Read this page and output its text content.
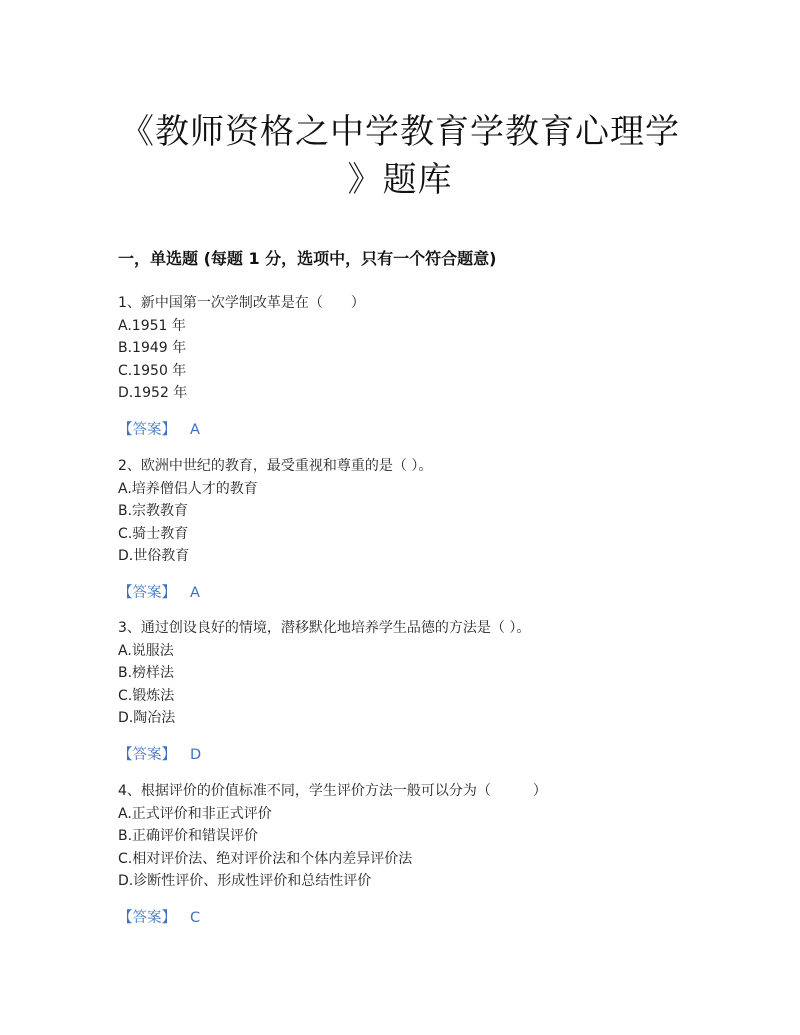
《教师资格之中学教育学教育心理学
》题库
一，单选题 (每题 1 分，选项中，只有一个符合题意)
1、新中国第一次学制改革是在（　　）
A.1951 年
B.1949 年
C.1950 年
D.1952 年
【答案】 A
2、欧洲中世纪的教育，最受重视和尊重的是（ ）。
A.培养僧侣人才的教育
B.宗教教育
C.骑士教育
D.世俗教育
【答案】 A
3、通过创设良好的情境，潜移默化地培养学生品德的方法是（ ）。
A.说服法
B.榜样法
C.锻炼法
D.陶冶法
【答案】 D
4、根据评价的价值标准不同，学生评价方法一般可以分为（　　　）
A.正式评价和非正式评价
B.正确评价和错误评价
C.相对评价法、绝对评价法和个体内差异评价法
D.诊断性评价、形成性评价和总结性评价
【答案】 C
